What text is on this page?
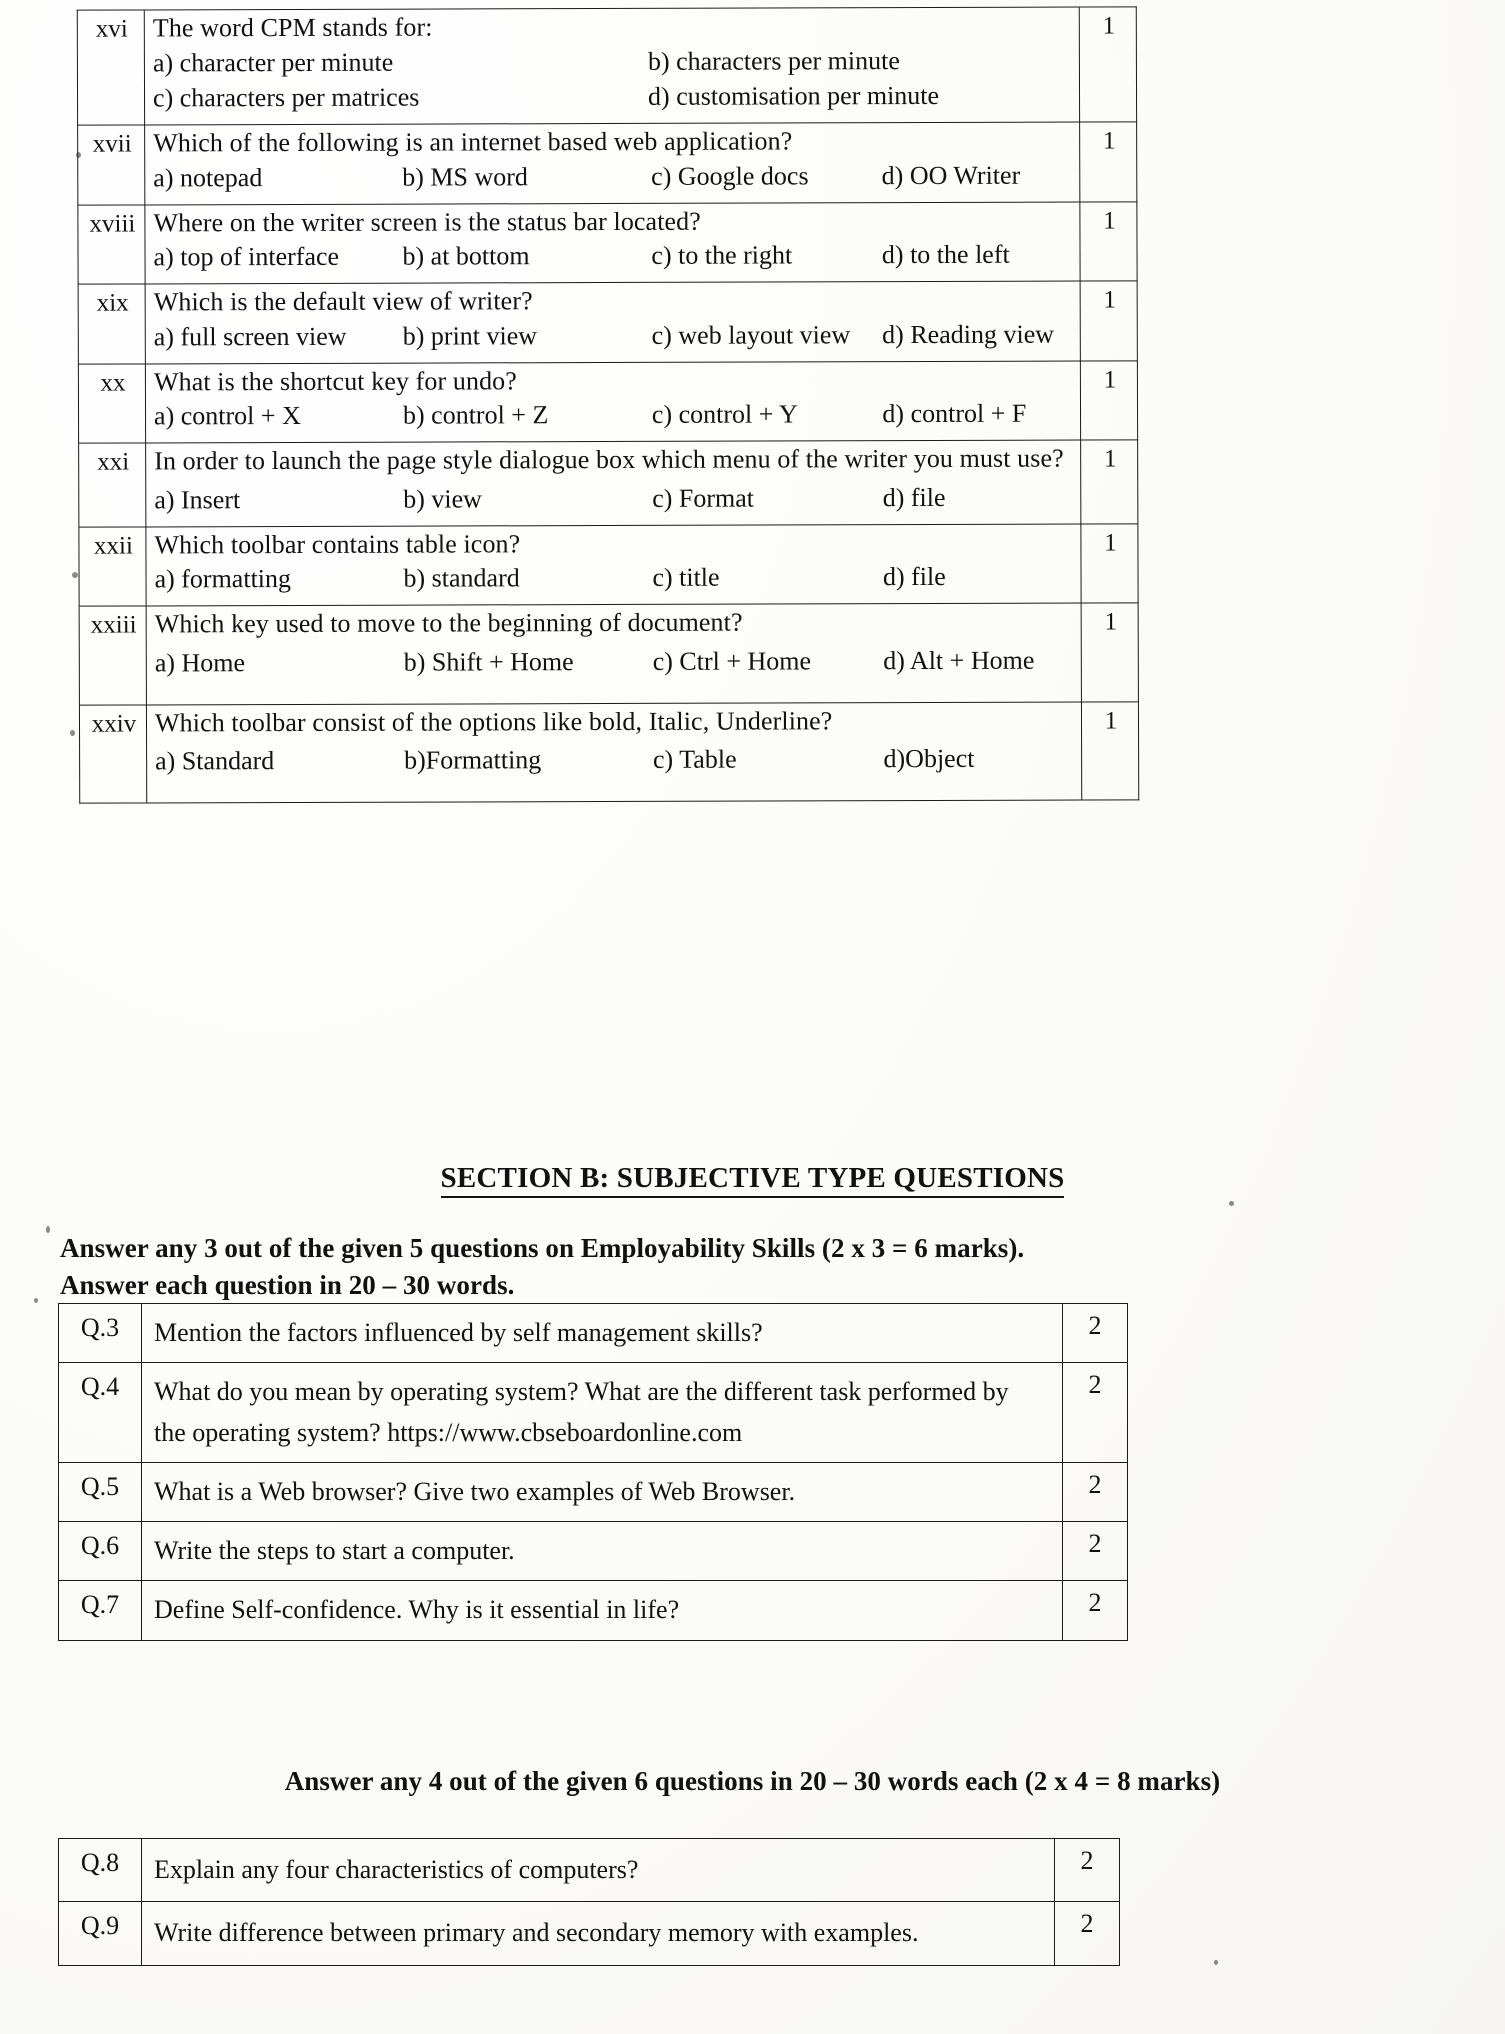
xvi	The word CPM stands for:
a) character per minute b) characters per minute
c) characters per matrices d) customisation per minute	1
xvii	Which of the following is an internet based web application?
a) notepad b) MS word c) Google docs d) OO Writer	1
xviii	Where on the writer screen is the status bar located?
a) top of interface b) at bottom c) to the right d) to the left	1
xix	Which is the default view of writer?
a) full screen view b) print view c) web layout view d) Reading view	1
xx	What is the shortcut key for undo?
a) control + X b) control + Z c) control + Y d) control + F	1
xxi	In order to launch the page style dialogue box which menu of the writer you must use?
a) Insert b) view c) Format d) file	1
xxii	Which toolbar contains table icon?
a) formatting b) standard c) title d) file	1
xxiii	Which key used to move to the beginning of document?
a) Home b) Shift + Home c) Ctrl + Home d) Alt + Home	1
xxiv	Which toolbar consist of the options like bold, Italic, Underline?
a) Standard b)Formatting c) Table d)Object	1
SECTION B: SUBJECTIVE TYPE QUESTIONS
Answer any 3 out of the given 5 questions on Employability Skills (2 x 3 = 6 marks).
Answer each question in 20 – 30 words.
Q.3	Mention the factors influenced by self management skills?	2
Q.4	What do you mean by operating system? What are the different task performed by the operating system? https://www.cbseboardonline.com	2
Q.5	What is a Web browser? Give two examples of Web Browser.	2
Q.6	Write the steps to start a computer.	2
Q.7	Define Self-confidence. Why is it essential in life?	2
Answer any 4 out of the given 6 questions in 20 – 30 words each (2 x 4 = 8 marks)
Q.8	Explain any four characteristics of computers?	2
Q.9	Write difference between primary and secondary memory with examples.	2
